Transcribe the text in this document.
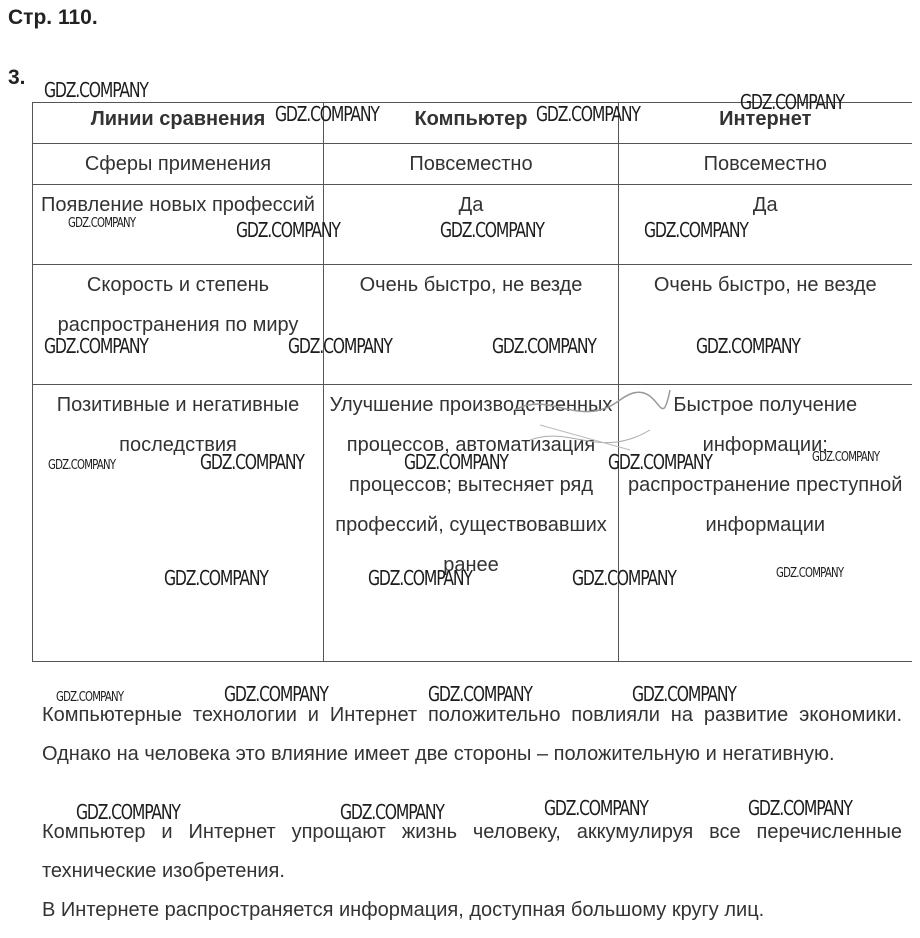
Стр. 110.
3.
Линии сравнения	Компьютер	Интернет
Сферы применения	Повсеместно	Повсеместно
Появление новых профессий	Да	Да
Скорость и степень распространения по миру	Очень быстро, не везде	Очень быстро, не везде
Позитивные и негативные последствия	Улучшение производственных процессов, автоматизация процессов; вытесняет ряд профессий, существовавших ранее	Быстрое получение информации; распространение преступной информации
Компьютерные технологии и Интернет положительно повлияли на развитие экономики. Однако на человека это влияние имеет две стороны – положительную и негативную.
Компьютер и Интернет упрощают жизнь человеку, аккумулируя все перечисленные технические изобретения.
В Интернете распространяется информация, доступная большому кругу лиц.
GDZ.COMPANY
GDZ.COMPANY	GDZ.COMPANY	GDZ.COMPANY
GDZ.COMPANY	GDZ.COMPANY	GDZ.COMPANY	GDZ.COMPANY
GDZ.COMPANY	GDZ.COMPANY	GDZ.COMPANY	GDZ.COMPANY
GDZ.COMPANY	GDZ.COMPANY	GDZ.COMPANY	GDZ.COMPANY	GDZ.COMPANY
GDZ.COMPANY	GDZ.COMPANY	GDZ.COMPANY	GDZ.COMPANY
GDZ.COMPANY	GDZ.COMPANY	GDZ.COMPANY	GDZ.COMPANY
GDZ.COMPANY	GDZ.COMPANY	GDZ.COMPANY	GDZ.COMPANY
